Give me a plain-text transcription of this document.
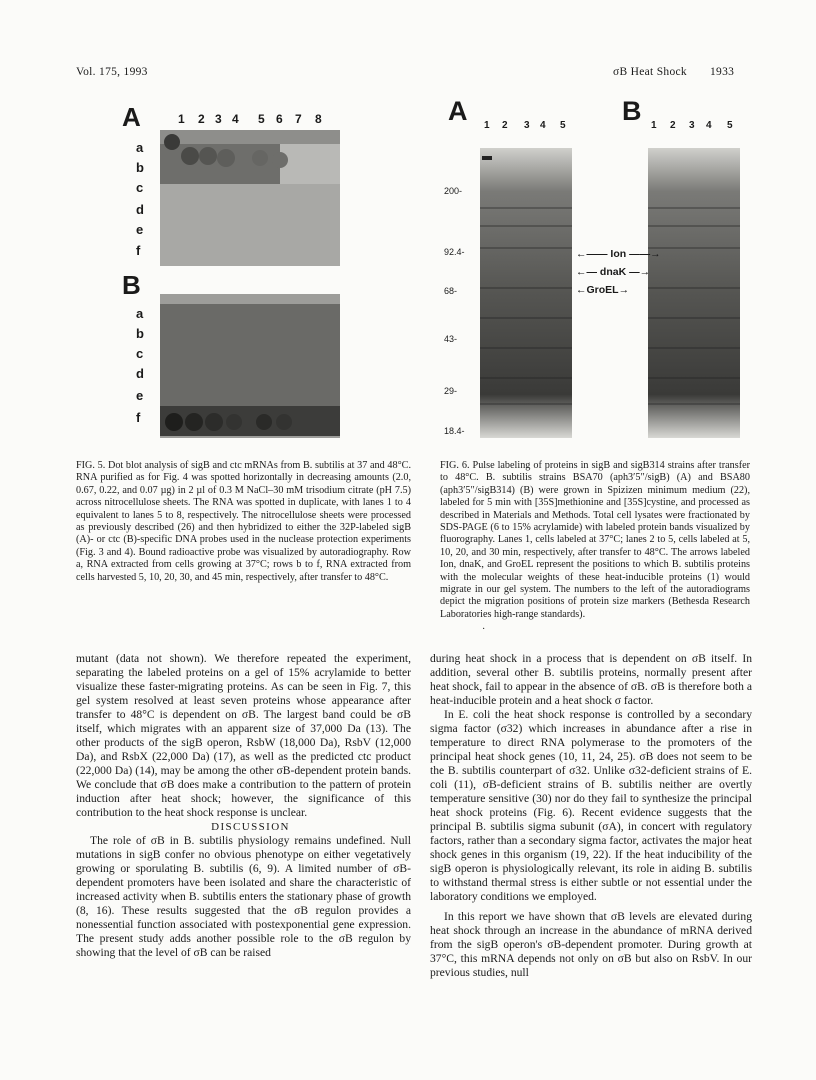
Vol. 175, 1993	σB Heat Shock 1933
A	1 2 3 4 5 6 7 8
a
b
c
d
e
f
B
a
b
c
d
e
f
A	B
1 2 3 4 5	1 2 3 4 5
200-
92.4-
68-
43-
29-
18.4-
←—— Ion ——→
←— dnaK —→
←GroEL→

FIG. 5. Dot blot analysis of sigB and ctc mRNAs from B. subtilis at 37 and 48°C. RNA purified as for Fig. 4 was spotted horizontally in decreasing amounts (2.0, 0.67, 0.22, and 0.07 µg) in 2 µl of 0.3 M NaCl–30 mM trisodium citrate (pH 7.5) across nitrocellulose sheets. The RNA was spotted in duplicate, with lanes 1 to 4 equivalent to lanes 5 to 8, respectively. The nitrocellulose sheets were processed as previously described (26) and then hybridized to either the 32P-labeled sigB (A)- or ctc (B)-specific DNA probes used in the nuclease protection experiments (Fig. 3 and 4). Bound radioactive probe was visualized by autoradiography. Row a, RNA extracted from cells growing at 37°C; rows b to f, RNA extracted from cells harvested 5, 10, 20, 30, and 45 min, respectively, after transfer to 48°C.

FIG. 6. Pulse labeling of proteins in sigB and sigB314 strains after transfer to 48°C. B. subtilis strains BSA70 (aph3′5″/sigB) (A) and BSA80 (aph3′5″/sigB314) (B) were grown in Spizizen minimum medium (22), labeled for 5 min with [35S]methionine and [35S]cystine, and processed as described in Materials and Methods. Total cell lysates were fractionated by SDS-PAGE (6 to 15% acrylamide) with labeled protein bands visualized by fluorography. Lanes 1, cells labeled at 37°C; lanes 2 to 5, cells labeled at 5, 10, 20, and 30 min, respectively, after transfer to 48°C. The arrows labeled Ion, dnaK, and GroEL represent the positions to which B. subtilis proteins with the molecular weights of these heat-inducible proteins (1) would migrate in our gel system. The numbers to the left of the autoradiograms depict the migration positions of protein size markers (Bethesda Research Laboratories high-range standards).

·

mutant (data not shown). We therefore repeated the experiment, separating the labeled proteins on a gel of 15% acrylamide to better visualize these faster-migrating proteins. As can be seen in Fig. 7, this gel system resolved at least seven proteins whose appearance after transfer to 48°C is dependent on σB. The largest band could be σB itself, which migrates with an apparent size of 37,000 Da (13). The other products of the sigB operon, RsbW (18,000 Da), RsbV (12,000 Da), and RsbX (22,000 Da) (17), as well as the predicted ctc product (22,000 Da) (14), may be among the other σB-dependent protein bands. We conclude that σB does make a contribution to the pattern of protein induction after heat shock; however, the significance of this contribution to the heat shock response is unclear.

DISCUSSION

The role of σB in B. subtilis physiology remains undefined. Null mutations in sigB confer no obvious phenotype on either vegetatively growing or sporulating B. subtilis (6, 9). A limited number of σB-dependent promoters have been isolated and share the characteristic of increased activity when B. subtilis enters the stationary phase of growth (8, 16). These results suggested that the σB regulon provides a nonessential function associated with postexponential gene expression. The present study adds another possible role to the σB regulon by showing that the level of σB can be raised

during heat shock in a process that is dependent on σB itself. In addition, several other B. subtilis proteins, normally present after heat shock, fail to appear in the absence of σB. σB is therefore both a heat-inducible protein and a heat shock σ factor.

In E. coli the heat shock response is controlled by a secondary sigma factor (σ32) which increases in abundance after a rise in temperature to direct RNA polymerase to the promoters of the principal heat shock genes (10, 11, 24, 25). σB does not seem to be the B. subtilis counterpart of σ32. Unlike σ32-deficient strains of E. coli (11), σB-deficient strains of B. subtilis neither are overtly temperature sensitive (30) nor do they fail to synthesize the principal heat shock proteins (Fig. 6). Recent evidence suggests that the principal B. subtilis sigma subunit (σA), in concert with regulatory factors, rather than a secondary sigma factor, activates the major heat shock genes in this organism (19, 22). If the heat inducibility of the sigB operon is physiologically relevant, its role in aiding B. subtilis to withstand thermal stress is either subtle or not essential under the laboratory conditions we employed.

In this report we have shown that σB levels are elevated during heat shock through an increase in the abundance of mRNA derived from the sigB operon's σB-dependent promoter. During growth at 37°C, this mRNA depends not only on σB but also on RsbV. In our previous studies, null
